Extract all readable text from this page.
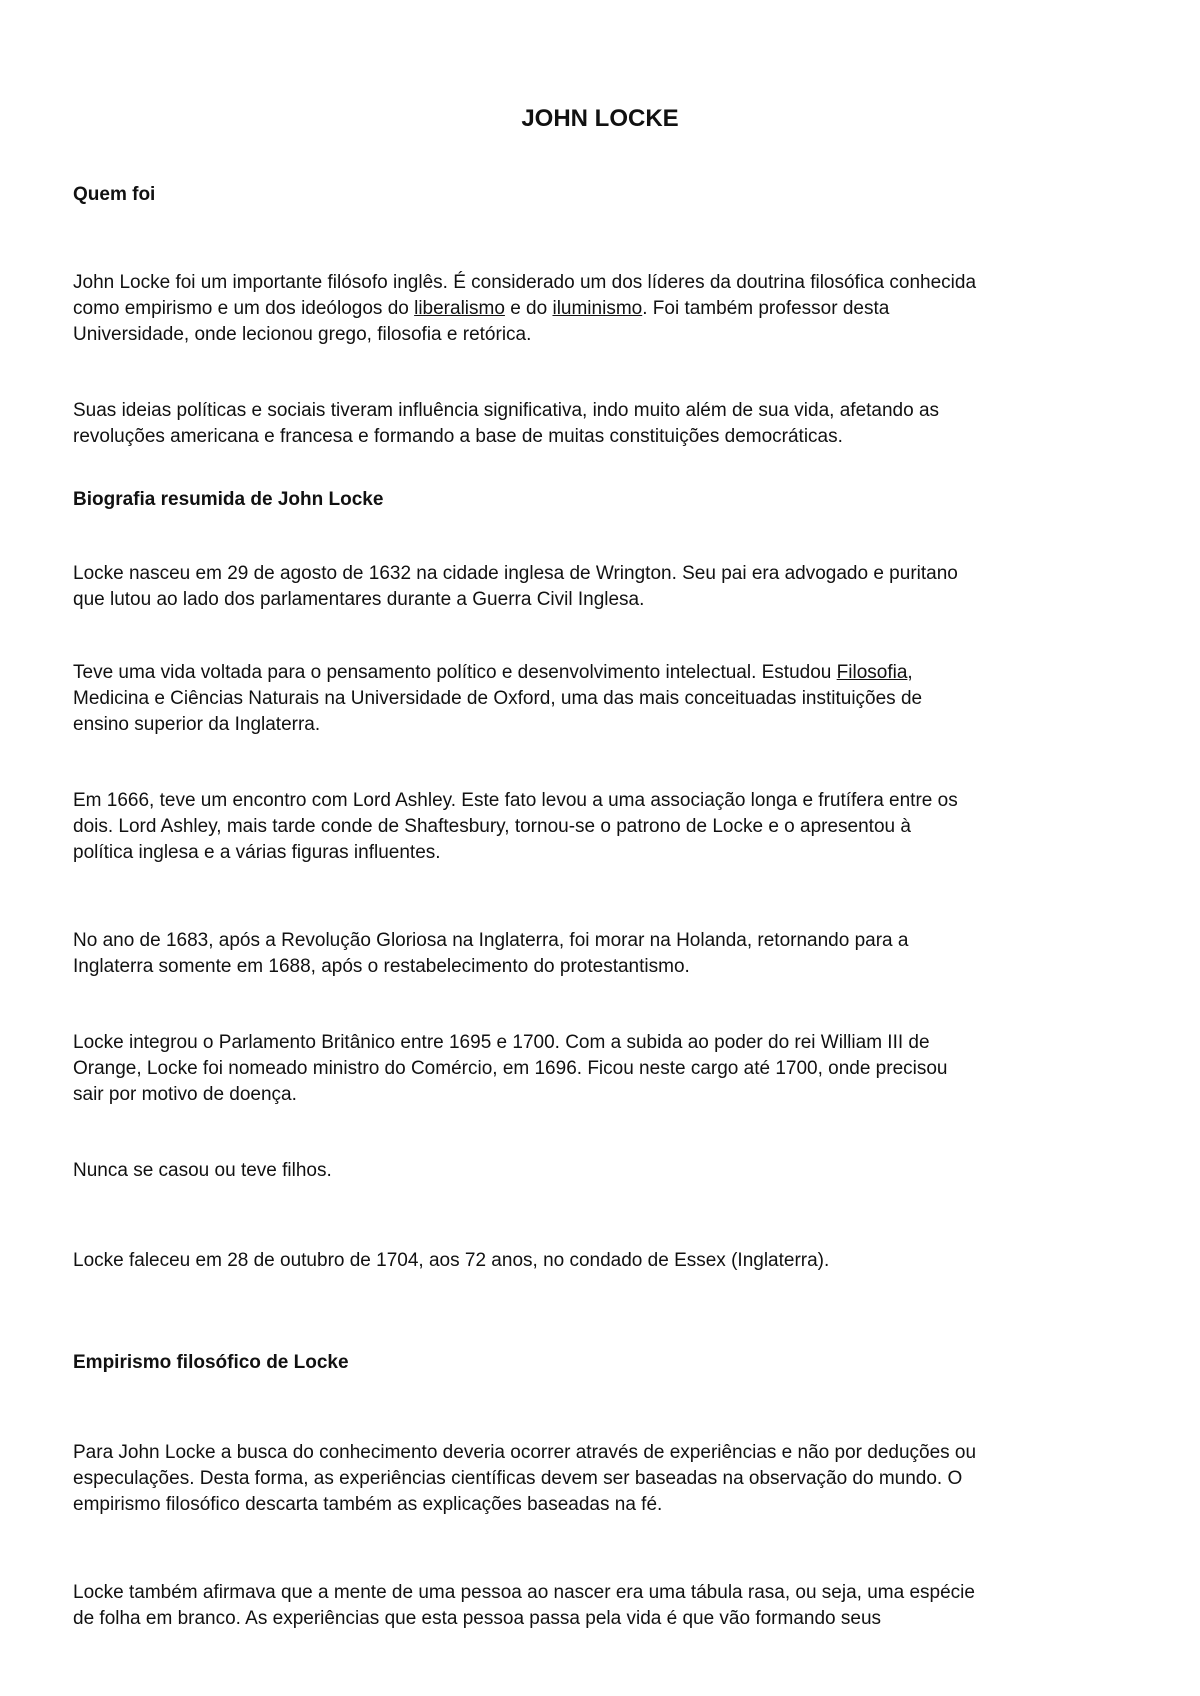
JOHN LOCKE
Quem foi

John Locke foi um importante filósofo inglês. É considerado um dos líderes da doutrina filosófica conhecida
como empirismo e um dos ideólogos do liberalismo e do iluminismo. Foi também professor desta
Universidade, onde lecionou grego, filosofia e retórica.

Suas ideias políticas e sociais tiveram influência significativa, indo muito além de sua vida, afetando as
revoluções americana e francesa e formando a base de muitas constituições democráticas.

Biografia resumida de John Locke

Locke nasceu em 29 de agosto de 1632 na cidade inglesa de Wrington. Seu pai era advogado e puritano
que lutou ao lado dos parlamentares durante a Guerra Civil Inglesa.

Teve uma vida voltada para o pensamento político e desenvolvimento intelectual. Estudou Filosofia,
Medicina e Ciências Naturais na Universidade de Oxford, uma das mais conceituadas instituições de
ensino superior da Inglaterra.

Em 1666, teve um encontro com Lord Ashley. Este fato levou a uma associação longa e frutífera entre os
dois. Lord Ashley, mais tarde conde de Shaftesbury, tornou-se o patrono de Locke e o apresentou à
política inglesa e a várias figuras influentes.

No ano de 1683, após a Revolução Gloriosa na Inglaterra, foi morar na Holanda, retornando para a
Inglaterra somente em 1688, após o restabelecimento do protestantismo.

Locke integrou o Parlamento Britânico entre 1695 e 1700. Com a subida ao poder do rei William III de
Orange, Locke foi nomeado ministro do Comércio, em 1696. Ficou neste cargo até 1700, onde precisou
sair por motivo de doença.

Nunca se casou ou teve filhos.

Locke faleceu em 28 de outubro de 1704, aos 72 anos, no condado de Essex (Inglaterra).

Empirismo filosófico de Locke

Para John Locke a busca do conhecimento deveria ocorrer através de experiências e não por deduções ou
especulações. Desta forma, as experiências científicas devem ser baseadas na observação do mundo. O
empirismo filosófico descarta também as explicações baseadas na fé.

Locke também afirmava que a mente de uma pessoa ao nascer era uma tábula rasa, ou seja, uma espécie
de folha em branco. As experiências que esta pessoa passa pela vida é que vão formando seus
